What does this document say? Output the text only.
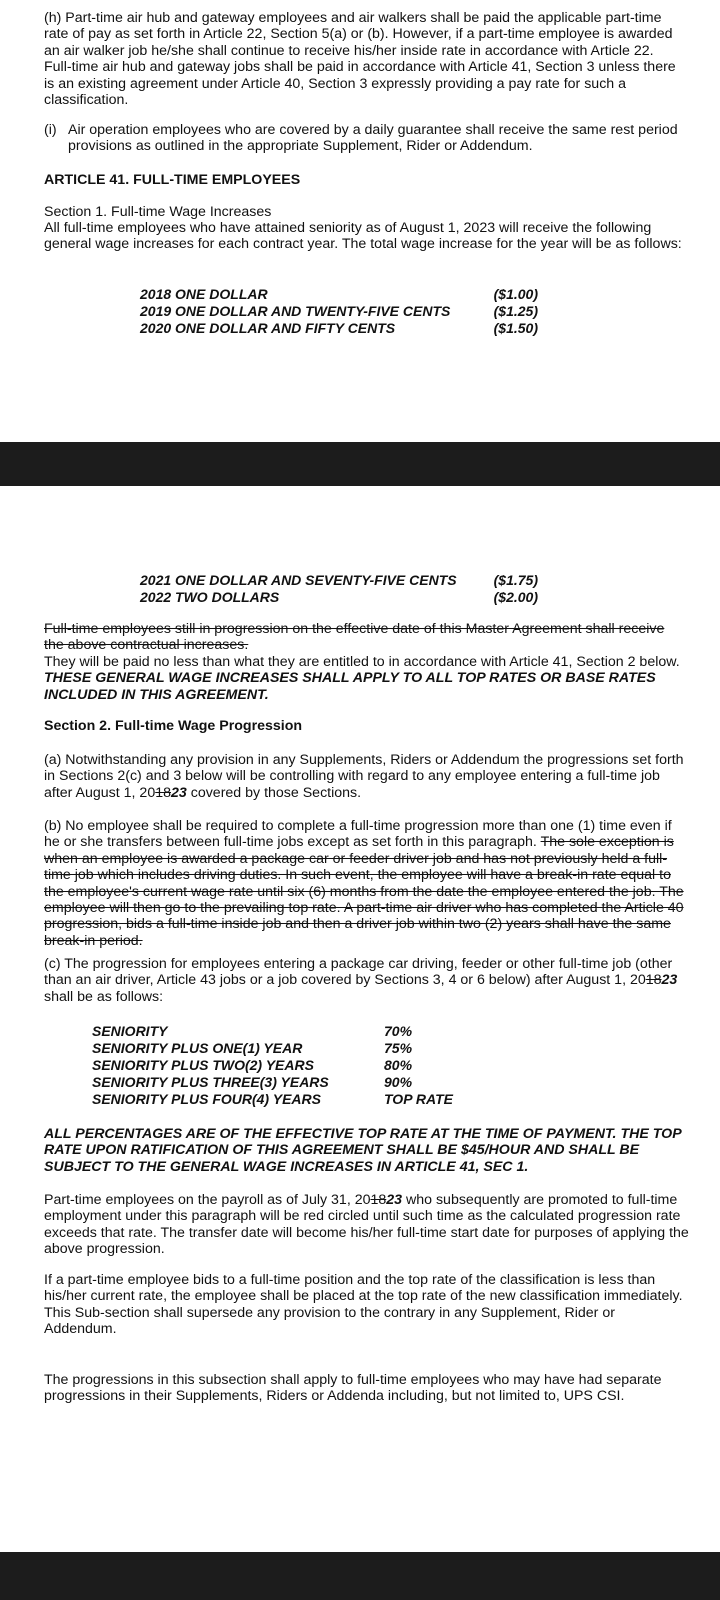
(h) Part-time air hub and gateway employees and air walkers shall be paid the applicable part-time rate of pay as set forth in Article 22, Section 5(a) or (b). However, if a part-time employee is awarded an air walker job he/she shall continue to receive his/her inside rate in accordance with Article 22. Full-time air hub and gateway jobs shall be paid in accordance with Article 41, Section 3 unless there is an existing agreement under Article 40, Section 3 expressly providing a pay rate for such a classification.
(i) Air operation employees who are covered by a daily guarantee shall receive the same rest period provisions as outlined in the appropriate Supplement, Rider or Addendum.
ARTICLE 41. FULL-TIME EMPLOYEES
Section 1. Full-time Wage Increases
All full-time employees who have attained seniority as of August 1, 2023 will receive the following general wage increases for each contract year. The total wage increase for the year will be as follows:
2018 ONE DOLLAR	($1.00)
2019 ONE DOLLAR AND TWENTY-FIVE CENTS	($1.25)
2020 ONE DOLLAR AND FIFTY CENTS	($1.50)
2021 ONE DOLLAR AND SEVENTY-FIVE CENTS	($1.75)
2022 TWO DOLLARS	($2.00)
Full-time employees still in progression on the effective date of this Master Agreement shall receive the above contractual increases.
They will be paid no less than what they are entitled to in accordance with Article 41, Section 2 below. THESE GENERAL WAGE INCREASES SHALL APPLY TO ALL TOP RATES OR BASE RATES INCLUDED IN THIS AGREEMENT.
Section 2. Full-time Wage Progression
(a) Notwithstanding any provision in any Supplements, Riders or Addendum the progressions set forth in Sections 2(c) and 3 below will be controlling with regard to any employee entering a full-time job after August 1, 201823 covered by those Sections.
(b) No employee shall be required to complete a full-time progression more than one (1) time even if he or she transfers between full-time jobs except as set forth in this paragraph. The sole exception is when an employee is awarded a package car or feeder driver job and has not previously held a full-time job which includes driving duties. In such event, the employee will have a break-in rate equal to the employee's current wage rate until six (6) months from the date the employee entered the job. The employee will then go to the prevailing top rate. A part-time air driver who has completed the Article 40 progression, bids a full-time inside job and then a driver job within two (2) years shall have the same break-in period.
(c) The progression for employees entering a package car driving, feeder or other full-time job (other than an air driver, Article 43 jobs or a job covered by Sections 3, 4 or 6 below) after August 1, 201823 shall be as follows:
SENIORITY	70%
SENIORITY PLUS ONE(1) YEAR	75%
SENIORITY PLUS TWO(2) YEARS	80%
SENIORITY PLUS THREE(3) YEARS	90%
SENIORITY PLUS FOUR(4) YEARS	TOP RATE
ALL PERCENTAGES ARE OF THE EFFECTIVE TOP RATE AT THE TIME OF PAYMENT. THE TOP RATE UPON RATIFICATION OF THIS AGREEMENT SHALL BE $45/HOUR AND SHALL BE SUBJECT TO THE GENERAL WAGE INCREASES IN ARTICLE 41, SEC 1.
Part-time employees on the payroll as of July 31, 201823 who subsequently are promoted to full-time employment under this paragraph will be red circled until such time as the calculated progression rate exceeds that rate. The transfer date will become his/her full-time start date for purposes of applying the above progression.
If a part-time employee bids to a full-time position and the top rate of the classification is less than his/her current rate, the employee shall be placed at the top rate of the new classification immediately.
This Sub-section shall supersede any provision to the contrary in any Supplement, Rider or Addendum.
The progressions in this subsection shall apply to full-time employees who may have had separate progressions in their Supplements, Riders or Addenda including, but not limited to, UPS CSI.
